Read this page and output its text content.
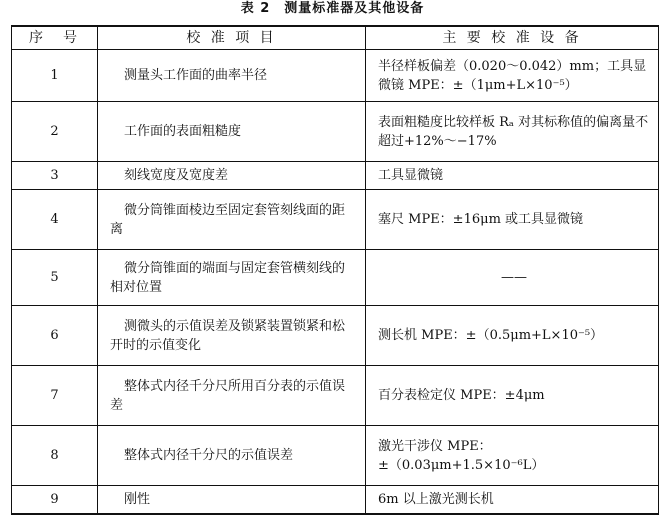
表 2　测量标准器及其他设备
序　号	校 准 项 目	主 要 校 准 设 备
1	测量头工作面的曲率半径	半径样板偏差（0.020～0.042）mm；工具显微镜 MPE：±（1μm+L×10⁻⁵）
2	工作面的表面粗糙度	表面粗糙度比较样板 Rₐ 对其标称值的偏离量不超过+12%～−17%
3	刻线宽度及宽度差	工具显微镜
4	微分筒锥面棱边至固定套管刻线面的距离	塞尺 MPE：±16μm 或工具显微镜
5	微分筒锥面的端面与固定套管横刻线的相对位置	——
6	测微头的示值误差及锁紧装置锁紧和松开时的示值变化	测长机 MPE：±（0.5μm+L×10⁻⁵）
7	整体式内径千分尺所用百分表的示值误差	百分表检定仪 MPE：±4μm
8	整体式内径千分尺的示值误差	激光干涉仪 MPE：±（0.03μm+1.5×10⁻⁶L）
9	刚性	6m 以上激光测长机
